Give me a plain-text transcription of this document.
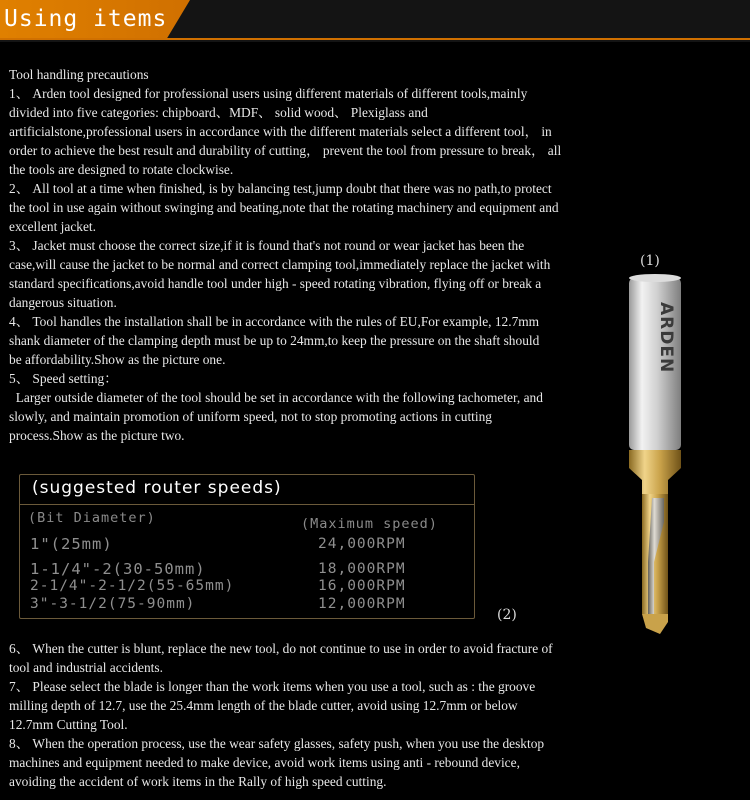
Using items

Tool handling precautions

1、 Arden tool designed for professional users using different materials of different tools,mainly

divided into five categories: chipboard、MDF、 solid wood、 Plexiglass and

artificialstone,professional users in accordance with the different materials select a different tool， in

order to achieve the best result and durability of cutting， prevent the tool from pressure to break， all

the tools are designed to rotate clockwise.

2、 All tool at a time when finished, is by balancing test,jump doubt that there was no path,to protect

the tool in use again without swinging and beating,note that the rotating machinery and equipment and

excellent jacket.

3、 Jacket must choose the correct size,if it is found that's not round or wear jacket has been the

case,will cause the jacket to be normal and correct clamping tool,immediately replace the jacket with

standard specifications,avoid handle tool under high - speed rotating vibration, flying off or break a

dangerous situation.

4、 Tool handles the installation shall be in accordance with the rules of EU,For example, 12.7mm

shank diameter of the clamping depth must be up to 24mm,to keep the pressure on the shaft should

be affordability.Show as the picture one.

5、 Speed setting：

Larger outside diameter of the tool should be set in accordance with the following tachometer, and

slowly, and maintain promotion of uniform speed, not to stop promoting actions in cutting

process.Show as the picture two.

(suggested router speeds)
(Bit Diameter)	(Maximum speed)
1"(25mm)	24,000RPM
1-1/4"-2(30-50mm)	18,000RPM
2-1/4"-2-1/2(55-65mm)	16,000RPM
3"-3-1/2(75-90mm)	12,000RPM
(1)
(2)
ARDEN

6、 When the cutter is blunt, replace the new tool, do not continue to use in order to avoid fracture of

tool and industrial accidents.

7、 Please select the blade is longer than the work items when you use a tool, such as : the groove

milling depth of 12.7, use the 25.4mm length of the blade cutter, avoid using 12.7mm or below

12.7mm Cutting Tool.

8、 When the operation process, use the wear safety glasses, safety push, when you use the desktop

machines and equipment needed to make device, avoid work items using anti - rebound device,

avoiding the accident of work items in the Rally of high speed cutting.
